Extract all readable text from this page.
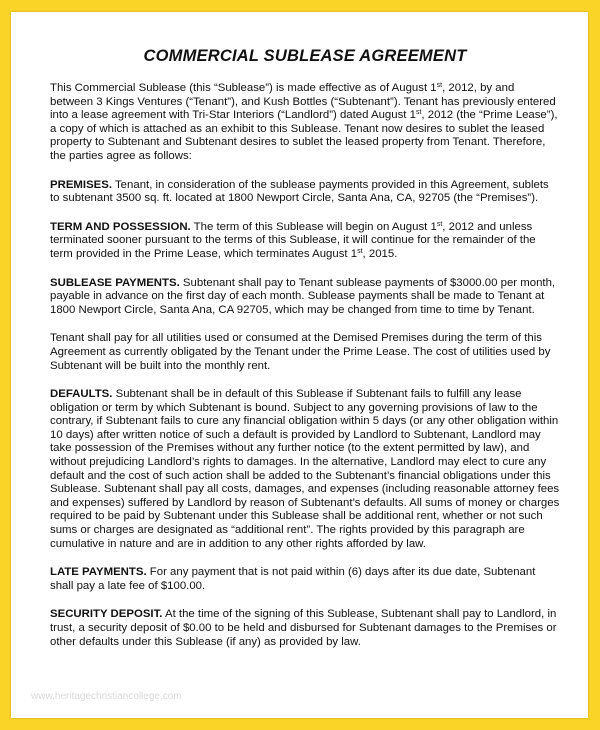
COMMERCIAL SUBLEASE AGREEMENT

This Commercial Sublease (this “Sublease”) is made effective as of August 1st, 2012, by and between 3 Kings Ventures (“Tenant”), and Kush Bottles (“Subtenant”). Tenant has previously entered into a lease agreement with Tri-Star Interiors (“Landlord”) dated August 1st, 2012 (the “Prime Lease”), a copy of which is attached as an exhibit to this Sublease. Tenant now desires to sublet the leased property to Subtenant and Subtenant desires to sublet the leased property from Tenant. Therefore, the parties agree as follows:

PREMISES. Tenant, in consideration of the sublease payments provided in this Agreement, sublets to subtenant 3500 sq. ft. located at 1800 Newport Circle, Santa Ana, CA, 92705 (the “Premises”).

TERM AND POSSESSION. The term of this Sublease will begin on August 1st, 2012 and unless terminated sooner pursuant to the terms of this Sublease, it will continue for the remainder of the term provided in the Prime Lease, which terminates August 1st, 2015.

SUBLEASE PAYMENTS. Subtenant shall pay to Tenant sublease payments of $3000.00 per month, payable in advance on the first day of each month. Sublease payments shall be made to Tenant at 1800 Newport Circle, Santa Ana, CA 92705, which may be changed from time to time by Tenant.

Tenant shall pay for all utilities used or consumed at the Demised Premises during the term of this Agreement as currently obligated by the Tenant under the Prime Lease. The cost of utilities used by Subtenant will be built into the monthly rent.

DEFAULTS. Subtenant shall be in default of this Sublease if Subtenant fails to fulfill any lease obligation or term by which Subtenant is bound. Subject to any governing provisions of law to the contrary, if Subtenant fails to cure any financial obligation within 5 days (or any other obligation within 10 days) after written notice of such a default is provided by Landlord to Subtenant, Landlord may take possession of the Premises without any further notice (to the extent permitted by law), and without prejudicing Landlord’s rights to damages. In the alternative, Landlord may elect to cure any default and the cost of such action shall be added to the Subtenant’s financial obligations under this Sublease. Subtenant shall pay all costs, damages, and expenses (including reasonable attorney fees and expenses) suffered by Landlord by reason of Subtenant’s defaults. All sums of money or charges required to be paid by Subtenant under this Sublease shall be additional rent, whether or not such sums or charges are designated as “additional rent”. The rights provided by this paragraph are cumulative in nature and are in addition to any other rights afforded by law.

LATE PAYMENTS. For any payment that is not paid within (6) days after its due date, Subtenant shall pay a late fee of $100.00.

SECURITY DEPOSIT. At the time of the signing of this Sublease, Subtenant shall pay to Landlord, in trust, a security deposit of $0.00 to be held and disbursed for Subtenant damages to the Premises or other defaults under this Sublease (if any) as provided by law.

www.heritagechristiancollege.com
